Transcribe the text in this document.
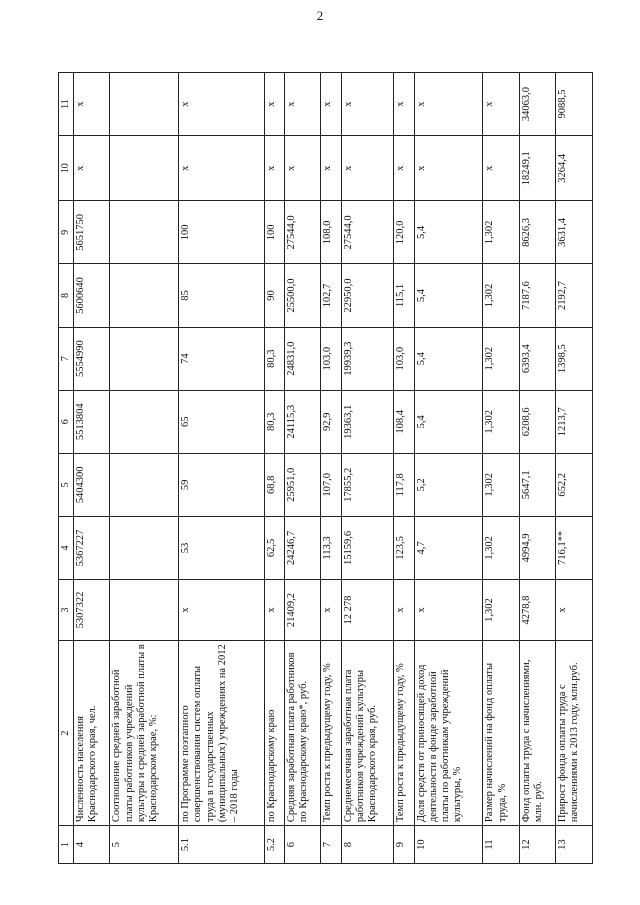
2
1	2	3	4	5	6	7	8	9	10	11
4	Численность населения Краснодарского края, чел.	5307322	5367227	5404300	5513804	5554990	5600640	5651750	x	x
5	Соотношение средней заработной платы работников учреждений культуры и средней заработной платы в Краснодарском крае, %:									
5.1	по Программе поэтапного совершенствования систем оплаты труда в государственных (муниципальных) учреждениях на 2012 – 2018 годы	x	53	59	65	74	85	100	x	x
5.2	по Краснодарскому краю	x	62,5	68,8	80,3	80,3	90	100	x	x
6	Средняя заработная плата работников по Краснодарскому краю*, руб.	21409,2	24246,7	25951,0	24115,3	24831,0	25500,0	27544,0	x	x
7	Темп роста к предыдущему году, %	x	113,3	107,0	92,9	103,0	102,7	108,0	x	x
8	Среднемесячная заработная плата работников учреждений культуры Краснодарского края, руб.	12 278	15159,6	17855,2	19363,1	19939,3	22950,0	27544,0	x	x
9	Темп роста к предыдущему году, %	x	123,5	117,8	108,4	103,0	115,1	120,0	x	x
10	Доля средств от приносящей доход деятельности в фонде заработной платы по работникам учреждений культуры, %	x	4,7	5,2	5,4	5,4	5,4	5,4	x	x
11	Размер начислений на фонд оплаты труда, %	1,302	1,302	1,302	1,302	1,302	1,302	1,302	x	x
12	Фонд оплаты труда с начислениями, млн. руб.	4278,8	4994,9	5647,1	6208,6	6393,4	7187,6	8626,3	18249,1	34063,0
13	Прирост фонда оплаты труда с начислениями к 2013 году, млн.руб.	x	716,1**	652,2	1213,7	1398,5	2192,7	3631,4	3264,4	9088,5
